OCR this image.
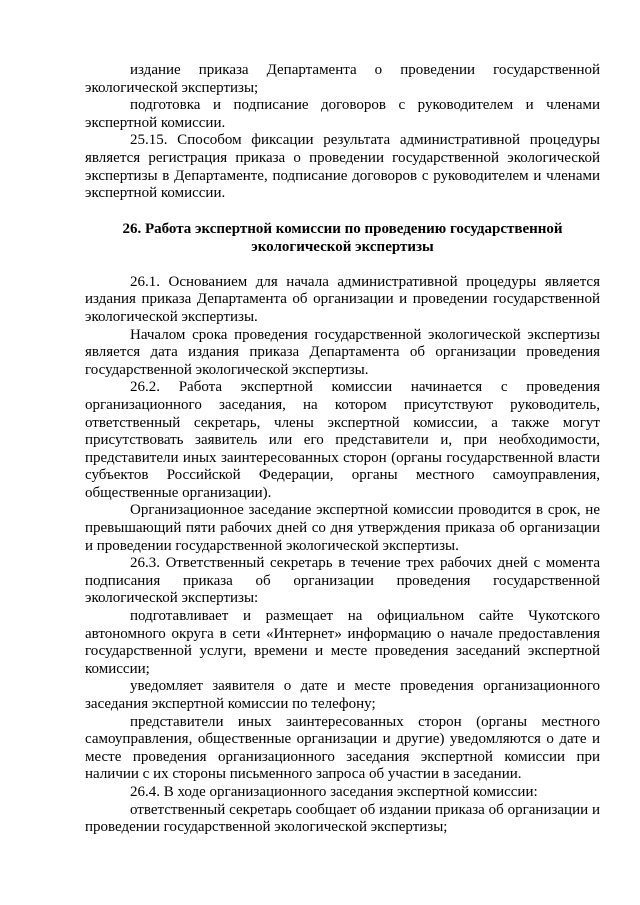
издание приказа Департамента о проведении государственной экологической экспертизы;

подготовка и подписание договоров с руководителем и членами экспертной комиссии.

25.15. Способом фиксации результата административной процедуры является регистрация приказа о проведении государственной экологической экспертизы в Департаменте, подписание договоров с руководителем и членами экспертной комиссии.

26. Работа экспертной комиссии по проведению государственной
экологической экспертизы

26.1. Основанием для начала административной процедуры является издания приказа Департамента об организации и проведении государственной экологической экспертизы.

Началом срока проведения государственной экологической экспертизы является дата издания приказа Департамента об организации проведения государственной экологической экспертизы.

26.2. Работа экспертной комиссии начинается с проведения организационного заседания, на котором присутствуют руководитель, ответственный секретарь, члены экспертной комиссии, а также могут присутствовать заявитель или его представители и, при необходимости, представители иных заинтересованных сторон (органы государственной власти субъектов Российской Федерации, органы местного самоуправления, общественные организации).

Организационное заседание экспертной комиссии проводится в срок, не превышающий пяти рабочих дней со дня утверждения приказа об организации и проведении государственной экологической экспертизы.

26.3. Ответственный секретарь в течение трех рабочих дней с момента подписания приказа об организации проведения государственной экологической экспертизы:

подготавливает и размещает на официальном сайте Чукотского автономного округа в сети «Интернет» информацию о начале предоставления государственной услуги, времени и месте проведения заседаний экспертной комиссии;

уведомляет заявителя о дате и месте проведения организационного заседания экспертной комиссии по телефону;

представители иных заинтересованных сторон (органы местного самоуправления, общественные организации и другие) уведомляются о дате и месте проведения организационного заседания экспертной комиссии при наличии с их стороны письменного запроса об участии в заседании.

26.4. В ходе организационного заседания экспертной комиссии:

ответственный секретарь сообщает об издании приказа об организации и проведении государственной экологической экспертизы;
